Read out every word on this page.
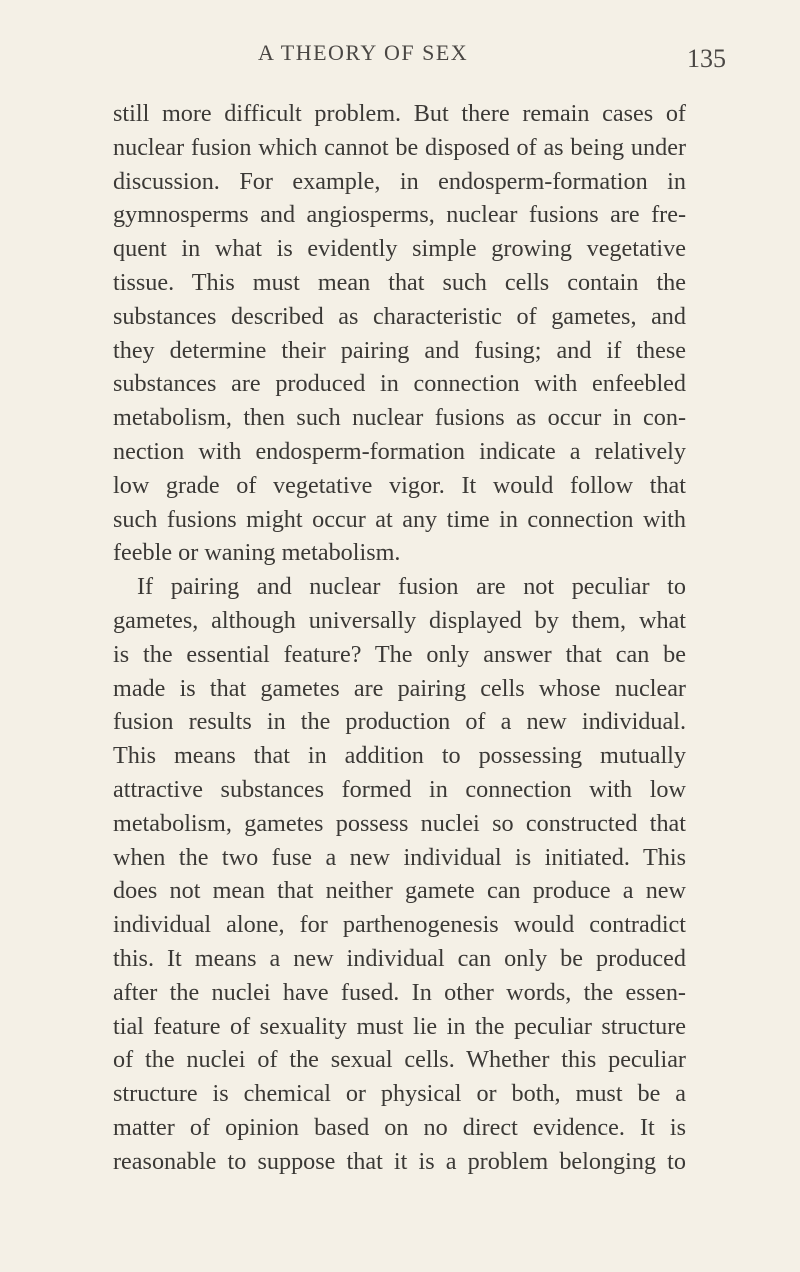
A THEORY OF SEX	135
still more difficult problem. But there remain cases of
nuclear fusion which cannot be disposed of as being under
discussion. For example, in endosperm-formation in
gymnosperms and angiosperms, nuclear fusions are fre-
quent in what is evidently simple growing vegetative
tissue. This must mean that such cells contain the
substances described as characteristic of gametes, and
they determine their pairing and fusing; and if these
substances are produced in connection with enfeebled
metabolism, then such nuclear fusions as occur in con-
nection with endosperm-formation indicate a relatively
low grade of vegetative vigor. It would follow that
such fusions might occur at any time in connection with
feeble or waning metabolism.
If pairing and nuclear fusion are not peculiar to
gametes, although universally displayed by them, what
is the essential feature? The only answer that can be
made is that gametes are pairing cells whose nuclear
fusion results in the production of a new individual.
This means that in addition to possessing mutually
attractive substances formed in connection with low
metabolism, gametes possess nuclei so constructed that
when the two fuse a new individual is initiated. This
does not mean that neither gamete can produce a new
individual alone, for parthenogenesis would contradict
this. It means a new individual can only be produced
after the nuclei have fused. In other words, the essen-
tial feature of sexuality must lie in the peculiar structure
of the nuclei of the sexual cells. Whether this peculiar
structure is chemical or physical or both, must be a
matter of opinion based on no direct evidence. It is
reasonable to suppose that it is a problem belonging to
